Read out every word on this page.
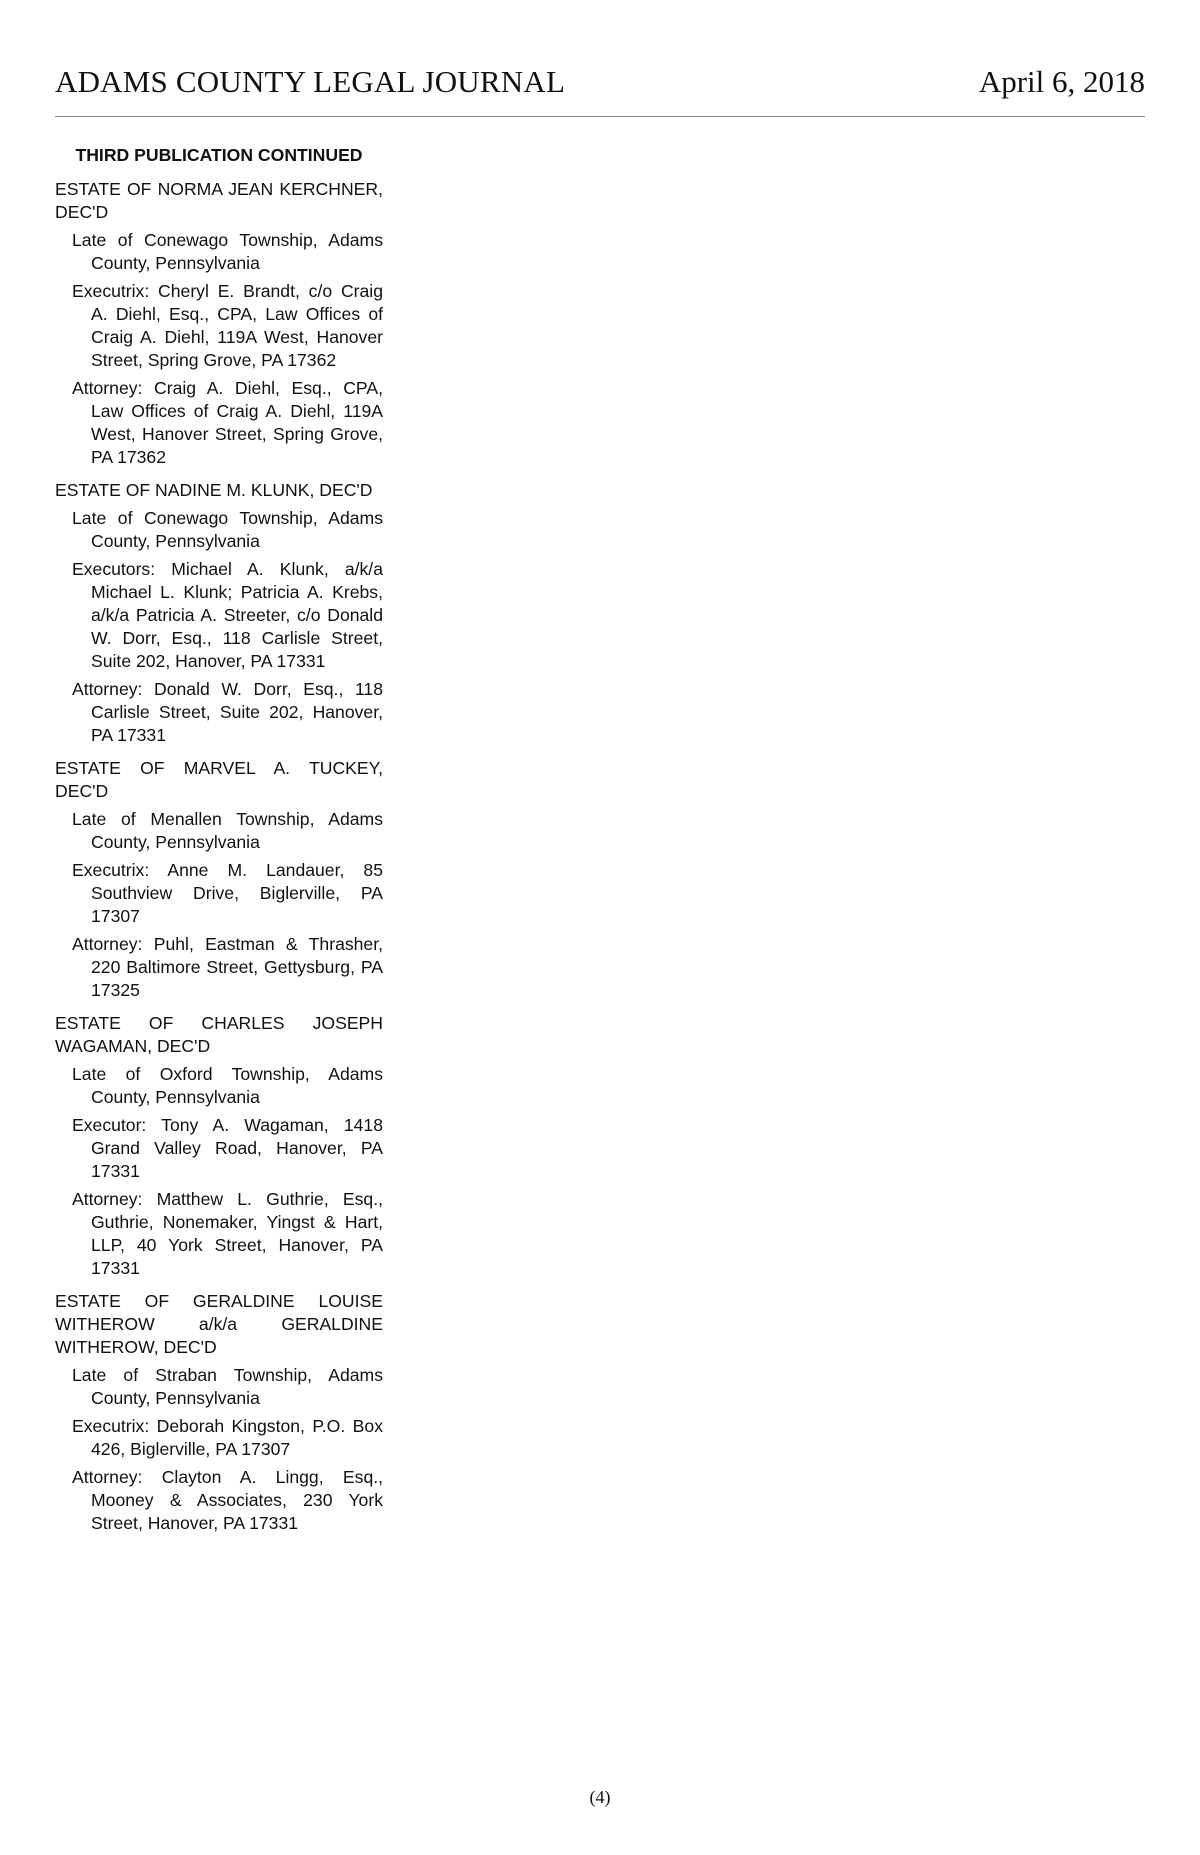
ADAMS COUNTY LEGAL JOURNAL	April 6, 2018
THIRD PUBLICATION CONTINUED
ESTATE OF NORMA JEAN KERCHNER, DEC'D
Late of Conewago Township, Adams County, Pennsylvania
Executrix: Cheryl E. Brandt, c/o Craig A. Diehl, Esq., CPA, Law Offices of Craig A. Diehl, 119A West, Hanover Street, Spring Grove, PA 17362
Attorney: Craig A. Diehl, Esq., CPA, Law Offices of Craig A. Diehl, 119A West, Hanover Street, Spring Grove, PA 17362
ESTATE OF NADINE M. KLUNK, DEC'D
Late of Conewago Township, Adams County, Pennsylvania
Executors: Michael A. Klunk, a/k/a Michael L. Klunk; Patricia A. Krebs, a/k/a Patricia A. Streeter, c/o Donald W. Dorr, Esq., 118 Carlisle Street, Suite 202, Hanover, PA 17331
Attorney: Donald W. Dorr, Esq., 118 Carlisle Street, Suite 202, Hanover, PA 17331
ESTATE OF MARVEL A. TUCKEY, DEC'D
Late of Menallen Township, Adams County, Pennsylvania
Executrix: Anne M. Landauer, 85 Southview Drive, Biglerville, PA 17307
Attorney: Puhl, Eastman & Thrasher, 220 Baltimore Street, Gettysburg, PA 17325
ESTATE OF CHARLES JOSEPH WAGAMAN, DEC'D
Late of Oxford Township, Adams County, Pennsylvania
Executor: Tony A. Wagaman, 1418 Grand Valley Road, Hanover, PA 17331
Attorney: Matthew L. Guthrie, Esq., Guthrie, Nonemaker, Yingst & Hart, LLP, 40 York Street, Hanover, PA 17331
ESTATE OF GERALDINE LOUISE WITHEROW a/k/a GERALDINE WITHEROW, DEC'D
Late of Straban Township, Adams County, Pennsylvania
Executrix: Deborah Kingston, P.O. Box 426, Biglerville, PA 17307
Attorney: Clayton A. Lingg, Esq., Mooney & Associates, 230 York Street, Hanover, PA 17331
(4)
